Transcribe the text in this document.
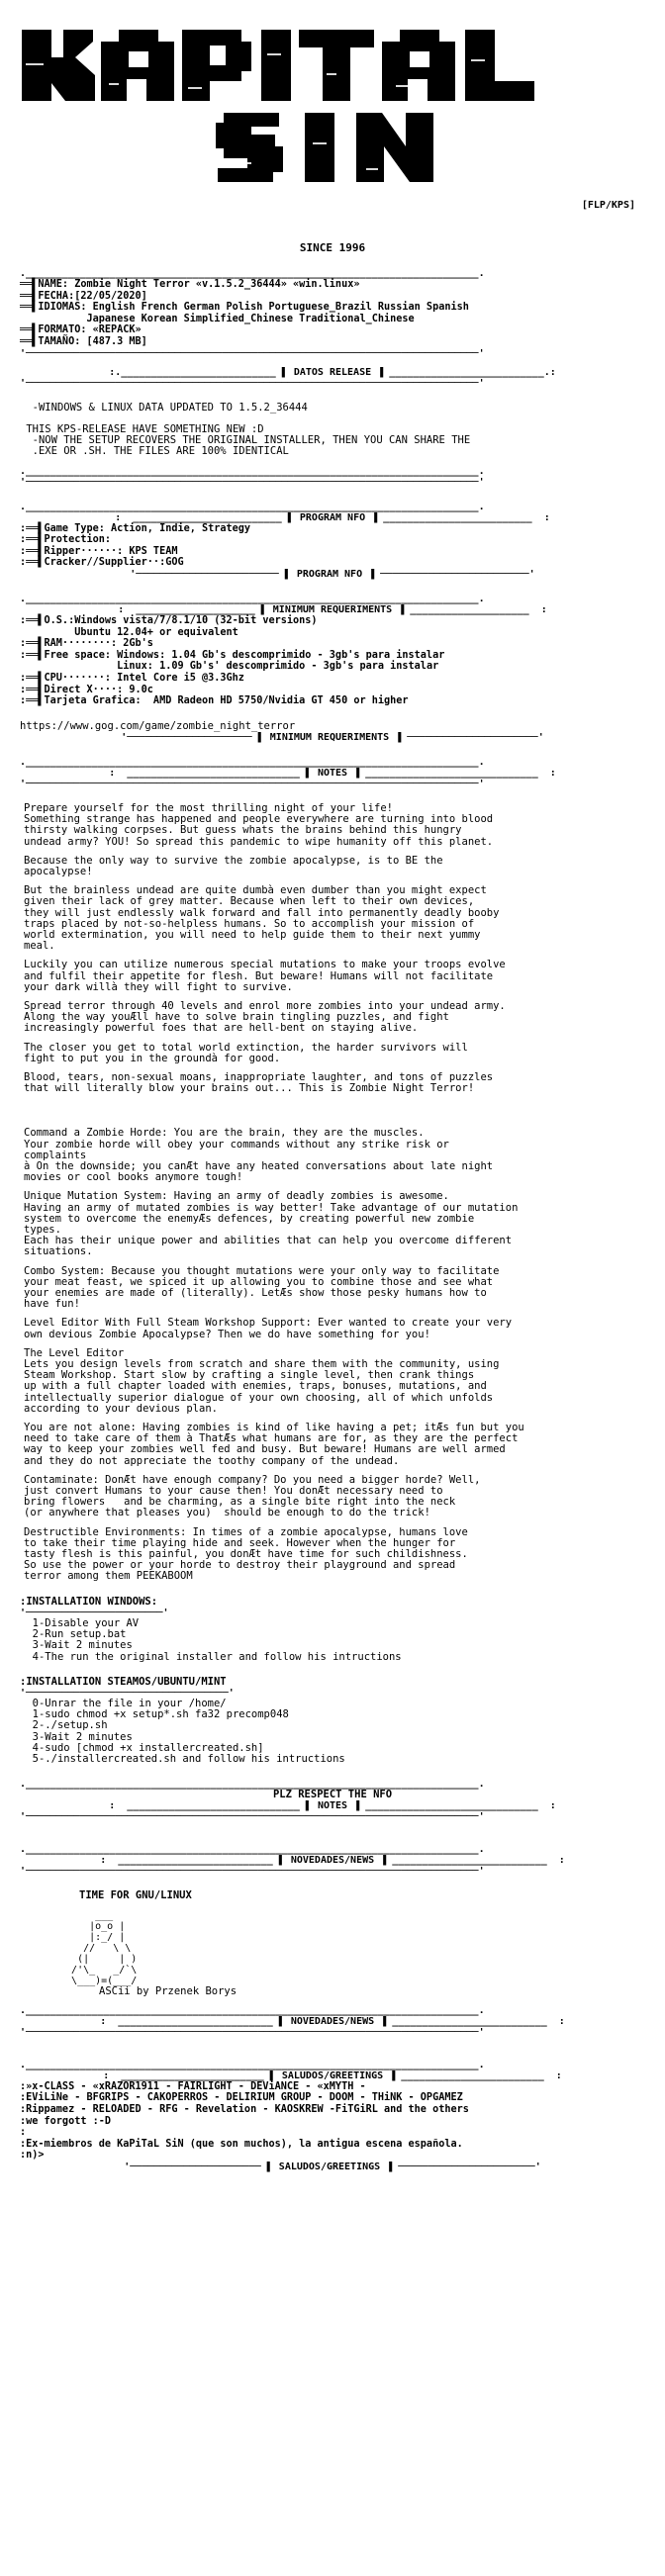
[FLP/KPS]
SINCE 1996
.____________________________________________________________________________.
══▌NAME: Zombie Night Terror «v.1.5.2_36444» «win.linux»
══▌FECHA:[22/05/2020]
══▌IDIOMAS: English French German Polish Portuguese_Brazil Russian Spanish
Japanese Korean Simplified_Chinese Traditional_Chinese
══▌FORMATO: «REPACK»
══▌TAMAÑO: [487.3 MB]
'────────────────────────────────────────────────────────────────────────────'
:.__________________________ ▌ DATOS RELEASE ▐ __________________________.:
'────────────────────────────────────────────────────────────────────────────'
-WINDOWS & LINUX DATA UPDATED TO 1.5.2_36444

THIS KPS-RELEASE HAVE SOMETHING NEW :D
-NOW THE SETUP RECOVERS THE ORIGINAL INSTALLER, THEN YOU CAN SHARE THE
.EXE OR .SH. THE FILES ARE 100% IDENTICAL
.____________________________________________________________________________.
'────────────────────────────────────────────────────────────────────────────'
.____________________________________________________________________________.
:  _________________________ ▌ PROGRAM NFO ▐ _________________________  :
:══▌Game Type: Action, Indie, Strategy
:══▌Protection:
:══▌Ripper······: KPS TEAM
:══▌Cracker//Supplier··:GOG
'──────────────────────── ▌ PROGRAM NFO ▐ ─────────────────────────'
.____________________________________________________________________________.
:  ____________________ ▌ MINIMUM REQUERIMENTS ▐ ____________________  :
:══▌O.S.:Windows vista/7/8.1/10 (32-bit versions)
Ubuntu 12.04+ or equivalent
:══▌RAM········: 2Gb's
:══▌Free space: Windows: 1.04 Gb's descomprimido - 3gb's para instalar
Linux: 1.09 Gb's' descomprimido - 3gb's para instalar
:══▌CPU·······: Intel Core i5 @3.3Ghz
:══▌Direct X····: 9.0c
:══▌Tarjeta Grafica:  AMD Radeon HD 5750/Nvidia GT 450 or higher
https://www.gog.com/game/zombie_night_terror
'───────────────────── ▌ MINIMUM REQUERIMENTS ▐ ──────────────────────'
.____________________________________________________________________________.
:  _____________________________ ▌ NOTES ▐ _____________________________  :
'────────────────────────────────────────────────────────────────────────────'
Prepare yourself for the most thrilling night of your life!
Something strange has happened and people everywhere are turning into blood
thirsty walking corpses. But guess whats the brains behind this hungry
undead army? YOU! So spread this pandemic to wipe humanity off this planet.
Because the only way to survive the zombie apocalypse, is to BE the
apocalypse!
But the brainless undead are quite dumbà even dumber than you might expect
given their lack of grey matter. Because when left to their own devices,
they will just endlessly walk forward and fall into permanently deadly booby
traps placed by not-so-helpless humans. So to accomplish your mission of
world extermination, you will need to help guide them to their next yummy
meal.
Luckily you can utilize numerous special mutations to make your troops evolve
and fulfil their appetite for flesh. But beware! Humans will not facilitate
your dark willà they will fight to survive.
Spread terror through 40 levels and enrol more zombies into your undead army.
Along the way youÆll have to solve brain tingling puzzles, and fight
increasingly powerful foes that are hell-bent on staying alive.
The closer you get to total world extinction, the harder survivors will
fight to put you in the groundà for good.
Blood, tears, non-sexual moans, inappropriate laughter, and tons of puzzles
that will literally blow your brains out... This is Zombie Night Terror!
Command a Zombie Horde: You are the brain, they are the muscles.
Your zombie horde will obey your commands without any strike risk or
complaints
à On the downside; you canÆt have any heated conversations about late night
movies or cool books anymore tough!
Unique Mutation System: Having an army of deadly zombies is awesome.
Having an army of mutated zombies is way better! Take advantage of our mutation
system to overcome the enemyÆs defences, by creating powerful new zombie
types.
Each has their unique power and abilities that can help you overcome different
situations.
Combo System: Because you thought mutations were your only way to facilitate
your meat feast, we spiced it up allowing you to combine those and see what
your enemies are made of (literally). LetÆs show those pesky humans how to
have fun!
Level Editor With Full Steam Workshop Support: Ever wanted to create your very
own devious Zombie Apocalypse? Then we do have something for you!
The Level Editor
Lets you design levels from scratch and share them with the community, using
Steam Workshop. Start slow by crafting a single level, then crank things
up with a full chapter loaded with enemies, traps, bonuses, mutations, and
intellectually superior dialogue of your own choosing, all of which unfolds
according to your devious plan.
You are not alone: Having zombies is kind of like having a pet; itÆs fun but you
need to take care of them à ThatÆs what humans are for, as they are the perfect
way to keep your zombies well fed and busy. But beware! Humans are well armed
and they do not appreciate the toothy company of the undead.
Contaminate: DonÆt have enough company? Do you need a bigger horde? Well,
just convert Humans to your cause then! You donÆt necessary need to
bring flowers   and be charming, as a single bite right into the neck
(or anywhere that pleases you)  should be enough to do the trick!
Destructible Environments: In times of a zombie apocalypse, humans love
to take their time playing hide and seek. However when the hunger for
tasty flesh is this painful, you donÆt have time for such childishness.
So use the power or your horde to destroy their playground and spread
terror among them PEEKABOOM
:INSTALLATION WINDOWS:
'───────────────────────'
1-Disable your AV
2-Run setup.bat
3-Wait 2 minutes
4-The run the original installer and follow his intructions
:INSTALLATION STEAMOS/UBUNTU/MINT
'──────────────────────────────────'
0-Unrar the file in your /home/
1-sudo chmod +x setup*.sh fa32 precomp048
2-./setup.sh
3-Wait 2 minutes
4-sudo [chmod +x installercreated.sh]
5-./installercreated.sh and follow his intructions
.____________________________________________________________________________.
PLZ RESPECT THE NFO
:  _____________________________ ▌ NOTES ▐ _____________________________  :
'────────────────────────────────────────────────────────────────────────────'
.____________________________________________________________________________.
:  __________________________ ▌ NOVEDADES/NEWS ▐ __________________________  :
'────────────────────────────────────────────────────────────────────────────'
TIME FOR GNU/LINUX
___
|o_o |
|:_/ |
//   \ \
(|     | )
/'\_   _/`\
\___)=(___/
ASCii by Przenek Borys
.____________________________________________________________________________.
:  __________________________ ▌ NOVEDADES/NEWS ▐ __________________________  :
'────────────────────────────────────────────────────────────────────────────'
.____________________________________________________________________________.
:  ________________________ ▌ SALUDOS/GREETINGS ▐ ________________________  :
:»x-CLASS - «xRAZOR1911 - FAIRLIGHT - DEViANCE - «xMYTH -
:EViLiNe - BFGRIPS - CAKOPERROS - DELIRIUM GROUP - DOOM - THiNK - OPGAMEZ
:Rippamez - RELOADED - RFG - Revelation - KAOSKREW -FiTGiRL and the others
:we forgott :-D
:
:Ex-miembros de KaPiTaL SiN (que son muchos), la antigua escena española.
:n)>
'────────────────────── ▌ SALUDOS/GREETINGS ▐ ───────────────────────'
